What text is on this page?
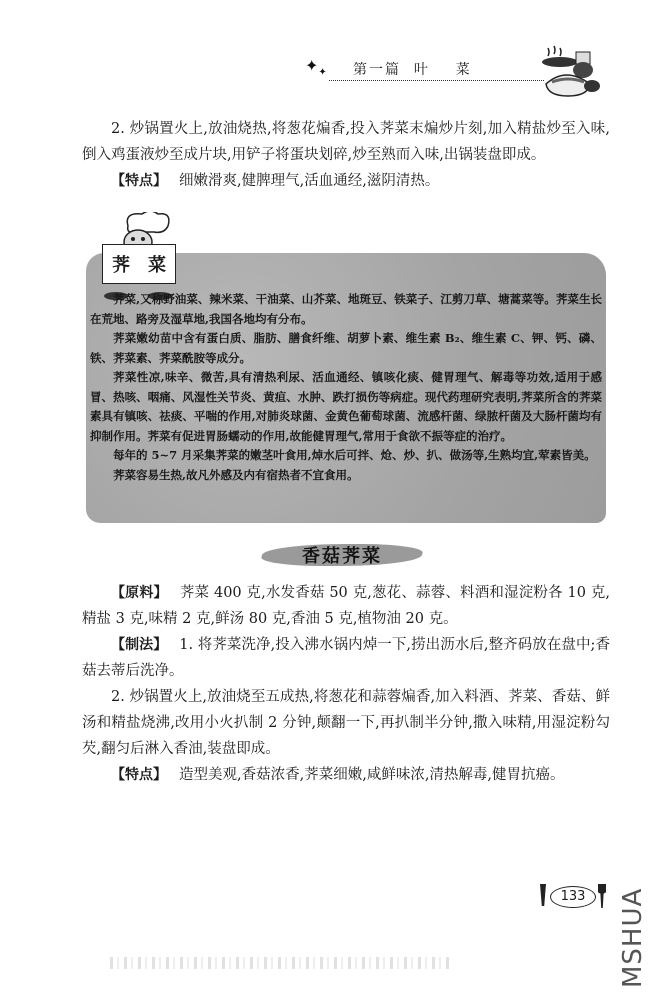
$✦_✦$ 第一篇  叶    菜

2. 炒锅置火上,放油烧热,将葱花煸香,投入荠菜末煸炒片刻,加入精盐炒至入味,倒入鸡蛋液炒至成片块,用铲子将蛋块划碎,炒至熟而入味,出锅装盘即成。

【特点】 细嫩滑爽,健脾理气,活血通经,滋阴清热。

荠 菜

荠菜,又称野油菜、辣米菜、干油菜、山芥菜、地斑豆、铁菜子、江剪刀草、塘蒿菜等。荠菜生长在荒地、路旁及湿草地,我国各地均有分布。

荠菜嫩幼苗中含有蛋白质、脂肪、膳食纤维、胡萝卜素、维生素 B₂、维生素 C、钾、钙、磷、铁、荠菜素、荠菜酰胺等成分。

荠菜性凉,味辛、微苦,具有清热利尿、活血通经、镇咳化痰、健胃理气、解毒等功效,适用于感冒、热咳、咽痛、风湿性关节炎、黄疸、水肿、跌打损伤等病症。现代药理研究表明,荠菜所含的荠菜素具有镇咳、祛痰、平喘的作用,对肺炎球菌、金黄色葡萄球菌、流感杆菌、绿脓杆菌及大肠杆菌均有抑制作用。荠菜有促进胃肠蠕动的作用,故能健胃理气,常用于食欲不振等症的治疗。

每年的 5~7 月采集荠菜的嫩茎叶食用,焯水后可拌、炝、炒、扒、做汤等,生熟均宜,荤素皆美。

荠菜容易生热,故凡外感及内有宿热者不宜食用。

香菇荠菜

【原料】 荠菜 400 克,水发香菇 50 克,葱花、蒜蓉、料酒和湿淀粉各 10 克,精盐 3 克,味精 2 克,鲜汤 80 克,香油 5 克,植物油 20 克。

【制法】 1. 将荠菜洗净,投入沸水锅内焯一下,捞出沥水后,整齐码放在盘中;香菇去蒂后洗净。

2. 炒锅置火上,放油烧至五成热,将葱花和蒜蓉煸香,加入料酒、荠菜、香菇、鲜汤和精盐烧沸,改用小火扒制 2 分钟,颠翻一下,再扒制半分钟,撒入味精,用湿淀粉勾芡,翻匀后淋入香油,装盘即成。

【特点】 造型美观,香菇浓香,荠菜细嫩,咸鲜味浓,清热解毒,健胃抗癌。

133	MSHUA
